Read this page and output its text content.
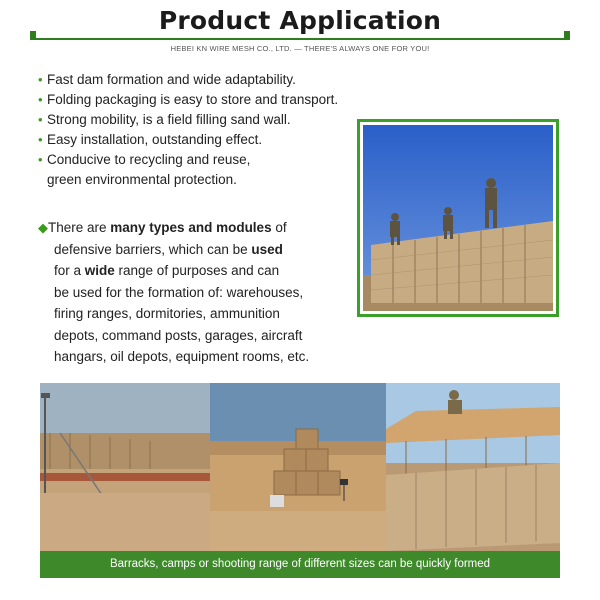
Product Application
HEBEI KN WIRE MESH CO., LTD. — THERE'S ALWAYS ONE FOR YOU!
• Fast dam formation and wide adaptability.
• Folding packaging is easy to store and transport.
• Strong mobility, is a field filling sand wall.
• Easy installation, outstanding effect.
• Conducive to recycling and reuse,
green environmental protection.
◆There are many types and modules of
defensive barriers, which can be used
for a wide range of purposes and can
be used for the formation of: warehouses,
firing ranges, dormitories, ammunition
depots, command posts, garages, aircraft
hangars, oil depots, equipment rooms, etc.
Barracks, camps or shooting range of different sizes can be quickly formed
